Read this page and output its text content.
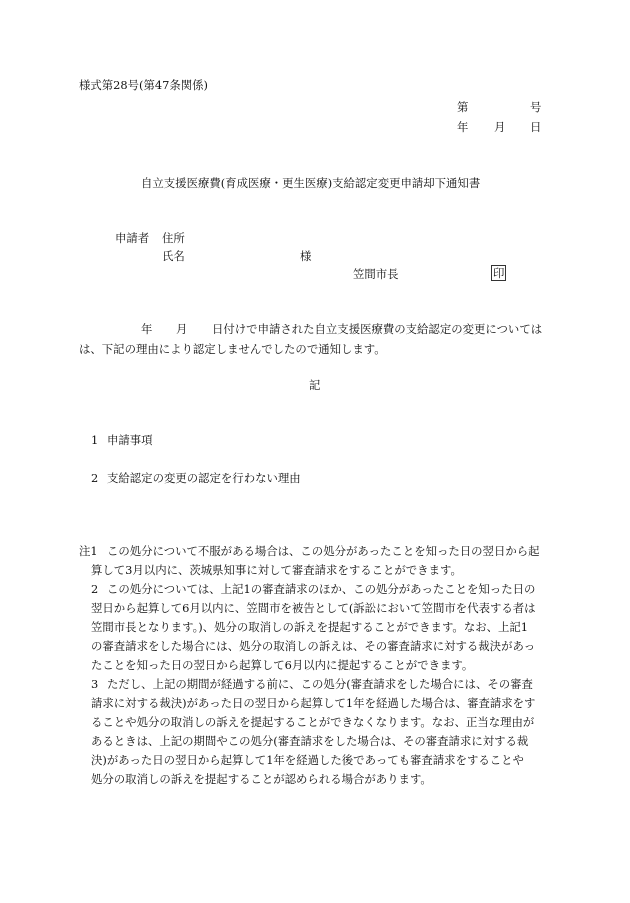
様式第28号(第47条関係)
第	号
年 月 日
自立支援医療費(育成医療・更生医療)支給認定変更申請却下通知書
申請者 住所
氏名	様
笠間市長	印
年 月 日付けで申請された自立支援医療費の支給認定の変更については
は、下記の理由により認定しませんでしたので通知します。
記
1 申請事項
2 支給認定の変更の認定を行わない理由
注1 この処分について不服がある場合は、この処分があったことを知った日の翌日から起
算して3月以内に、茨城県知事に対して審査請求をすることができます。
2 この処分については、上記1の審査請求のほか、この処分があったことを知った日の
翌日から起算して6月以内に、笠間市を被告として(訴訟において笠間市を代表する者は
笠間市長となります。)、処分の取消しの訴えを提起することができます。なお、上記1
の審査請求をした場合には、処分の取消しの訴えは、その審査請求に対する裁決があっ
たことを知った日の翌日から起算して6月以内に提起することができます。
3 ただし、上記の期間が経過する前に、この処分(審査請求をした場合には、その審査
請求に対する裁決)があった日の翌日から起算して1年を経過した場合は、審査請求をす
ることや処分の取消しの訴えを提起することができなくなります。なお、正当な理由が
あるときは、上記の期間やこの処分(審査請求をした場合は、その審査請求に対する裁
決)があった日の翌日から起算して1年を経過した後であっても審査請求をすることや
処分の取消しの訴えを提起することが認められる場合があります。
